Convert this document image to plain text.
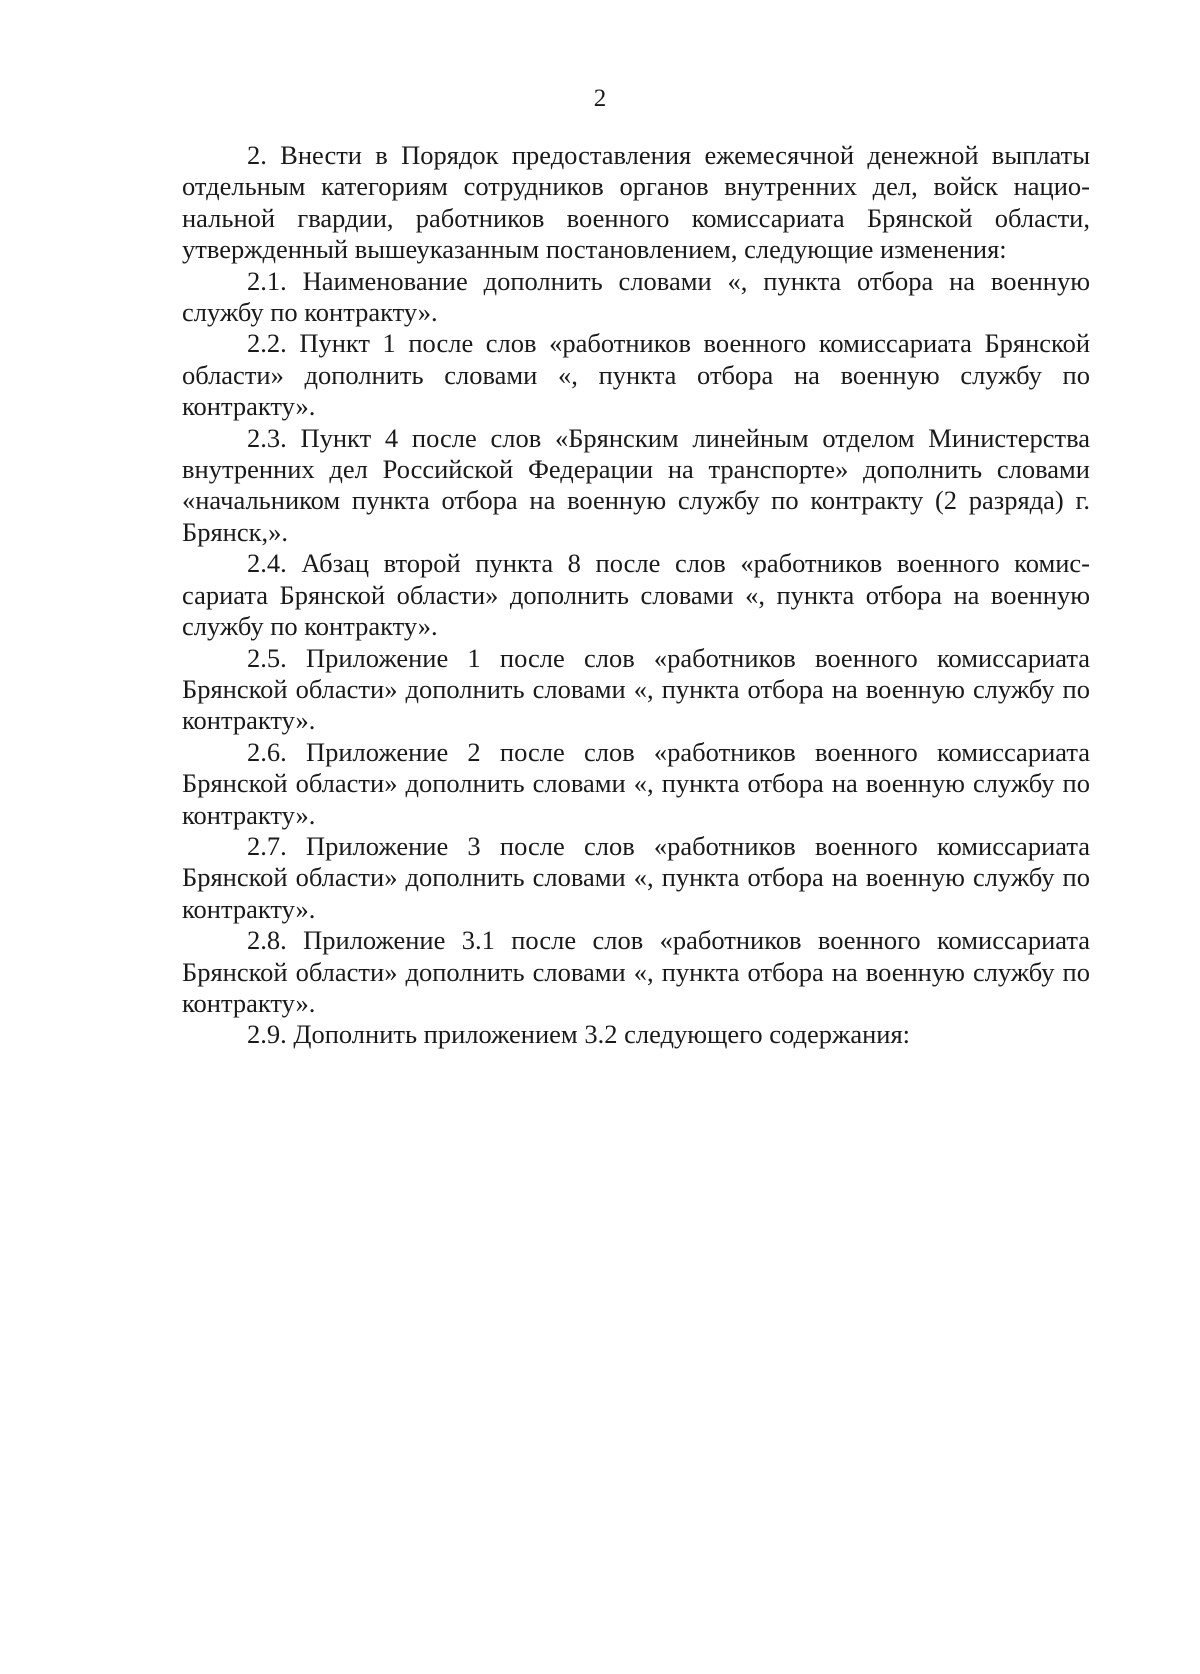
2

2. Внести в Порядок предоставления ежемесячной денежной выплаты отдельным категориям сотрудников органов внутренних дел, войск национальной гвардии, работников военного комиссариата Брянской области, утвержденный вышеуказанным постановлением, следующие изменения:

2.1. Наименование дополнить словами «, пункта отбора на военную службу по контракту».

2.2. Пункт 1 после слов «работников военного комиссариата Брянской области» дополнить словами «, пункта отбора на военную службу по контракту».

2.3. Пункт 4 после слов «Брянским линейным отделом Министерства внутренних дел Российской Федерации на транспорте» дополнить словами «начальником пункта отбора на военную службу по контракту (2 разряда) г. Брянск,».

2.4. Абзац второй пункта 8 после слов «работников военного комиссариата Брянской области» дополнить словами «, пункта отбора на военную службу по контракту».

2.5. Приложение 1 после слов «работников военного комиссариата Брянской области» дополнить словами «, пункта отбора на военную службу по контракту».

2.6. Приложение 2 после слов «работников военного комиссариата Брянской области» дополнить словами «, пункта отбора на военную службу по контракту».

2.7. Приложение 3 после слов «работников военного комиссариата Брянской области» дополнить словами «, пункта отбора на военную службу по контракту».

2.8. Приложение 3.1 после слов «работников военного комиссариата Брянской области» дополнить словами «, пункта отбора на военную службу по контракту».

2.9. Дополнить приложением 3.2 следующего содержания:
